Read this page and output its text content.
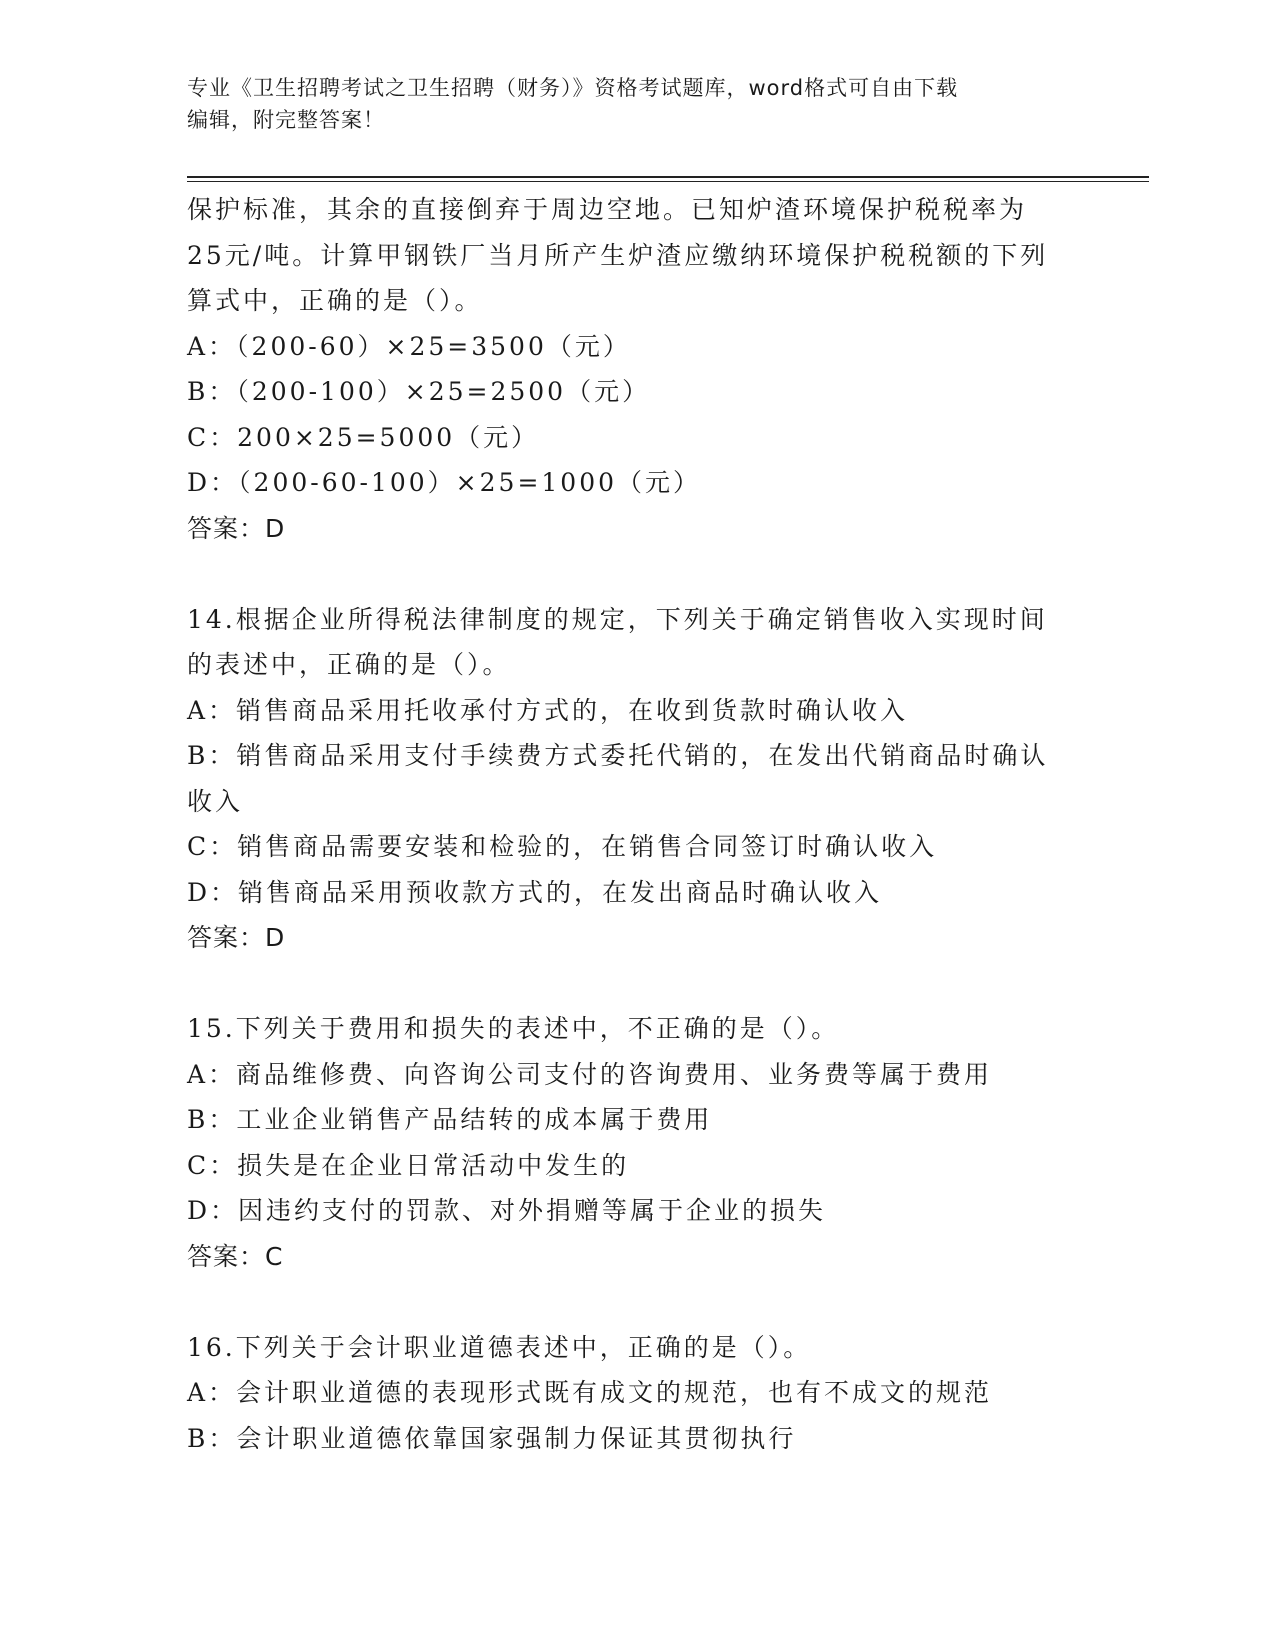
专业《卫生招聘考试之卫生招聘（财务）》资格考试题库，word格式可自由下载
编辑，附完整答案！
保护标准，其余的直接倒弃于周边空地。已知炉渣环境保护税税率为
25元/吨。计算甲钢铁厂当月所产生炉渣应缴纳环境保护税税额的下列
算式中，正确的是（）。
A：（200-60）×25=3500（元）
B：（200-100）×25=2500（元）
C：200×25=5000（元）
D：（200-60-100）×25=1000（元）
答案：D
14.根据企业所得税法律制度的规定，下列关于确定销售收入实现时间
的表述中，正确的是（）。
A：销售商品采用托收承付方式的，在收到货款时确认收入
B：销售商品采用支付手续费方式委托代销的，在发出代销商品时确认
收入
C：销售商品需要安装和检验的，在销售合同签订时确认收入
D：销售商品采用预收款方式的，在发出商品时确认收入
答案：D
15.下列关于费用和损失的表述中，不正确的是（）。
A：商品维修费、向咨询公司支付的咨询费用、业务费等属于费用
B：工业企业销售产品结转的成本属于费用
C：损失是在企业日常活动中发生的
D：因违约支付的罚款、对外捐赠等属于企业的损失
答案：C
16.下列关于会计职业道德表述中，正确的是（）。
A：会计职业道德的表现形式既有成文的规范，也有不成文的规范
B：会计职业道德依靠国家强制力保证其贯彻执行
